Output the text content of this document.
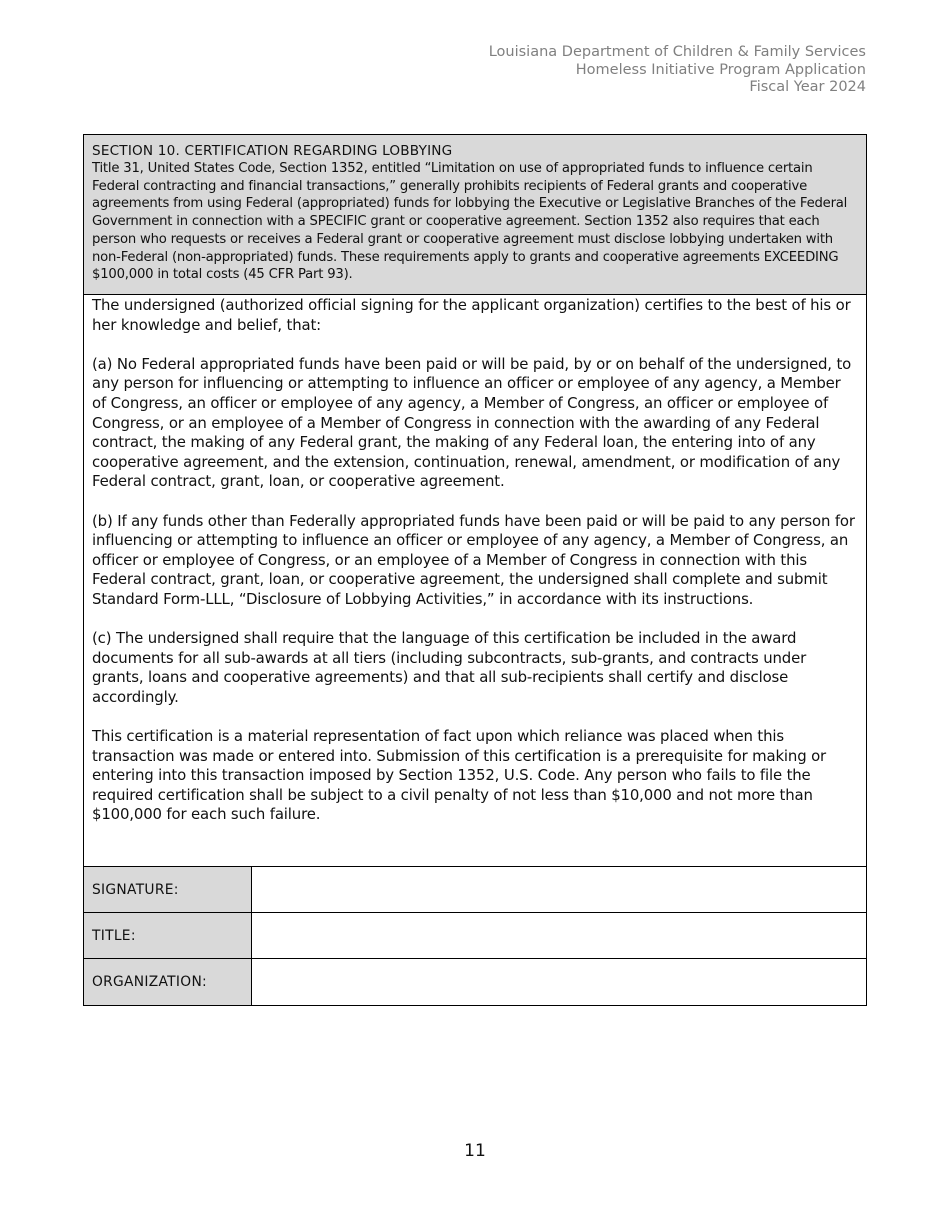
Louisiana Department of Children & Family Services
Homeless Initiative Program Application
Fiscal Year 2024
SECTION 10. CERTIFICATION REGARDING LOBBYING
Title 31, United States Code, Section 1352, entitled “Limitation on use of appropriated funds to influence certain Federal contracting and financial transactions,” generally prohibits recipients of Federal grants and cooperative agreements from using Federal (appropriated) funds for lobbying the Executive or Legislative Branches of the Federal Government in connection with a SPECIFIC grant or cooperative agreement. Section 1352 also requires that each person who requests or receives a Federal grant or cooperative agreement must disclose lobbying undertaken with non-Federal (non-appropriated) funds. These requirements apply to grants and cooperative agreements EXCEEDING $100,000 in total costs (45 CFR Part 93).

The undersigned (authorized official signing for the applicant organization) certifies to the best of his or her knowledge and belief, that:

(a) No Federal appropriated funds have been paid or will be paid, by or on behalf of the undersigned, to any person for influencing or attempting to influence an officer or employee of any agency, a Member of Congress, an officer or employee of any agency, a Member of Congress, an officer or employee of Congress, or an employee of a Member of Congress in connection with the awarding of any Federal contract, the making of any Federal grant, the making of any Federal loan, the entering into of any cooperative agreement, and the extension, continuation, renewal, amendment, or modification of any Federal contract, grant, loan, or cooperative agreement.

(b) If any funds other than Federally appropriated funds have been paid or will be paid to any person for influencing or attempting to influence an officer or employee of any agency, a Member of Congress, an officer or employee of Congress, or an employee of a Member of Congress in connection with this Federal contract, grant, loan, or cooperative agreement, the undersigned shall complete and submit Standard Form-LLL, “Disclosure of Lobbying Activities,” in accordance with its instructions.

(c) The undersigned shall require that the language of this certification be included in the award documents for all sub-awards at all tiers (including subcontracts, sub-grants, and contracts under grants, loans and cooperative agreements) and that all sub-recipients shall certify and disclose accordingly.

This certification is a material representation of fact upon which reliance was placed when this transaction was made or entered into. Submission of this certification is a prerequisite for making or entering into this transaction imposed by Section 1352, U.S. Code. Any person who fails to file the required certification shall be subject to a civil penalty of not less than $10,000 and not more than $100,000 for each such failure.

SIGNATURE:
TITLE:
ORGANIZATION:
11
